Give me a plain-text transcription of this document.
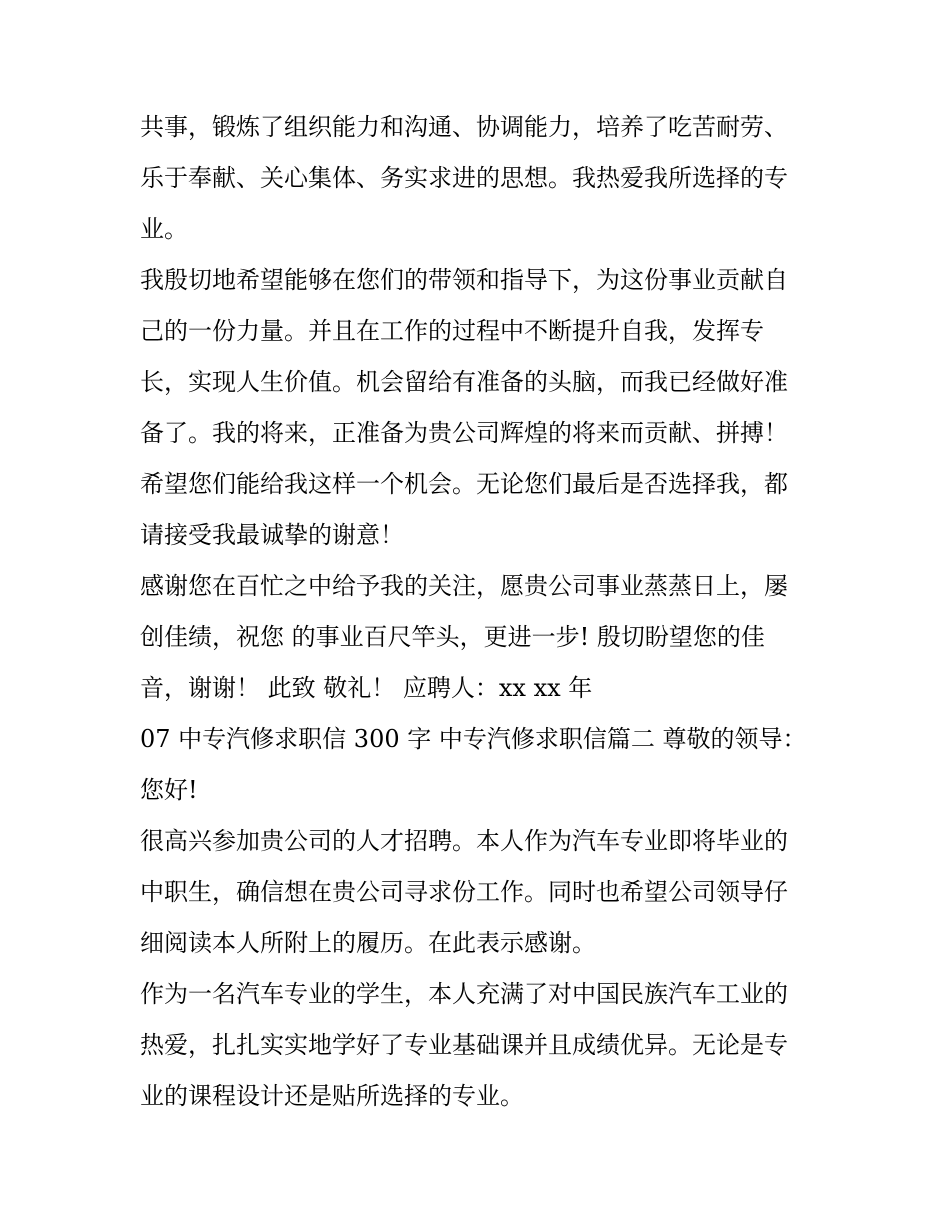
共事，锻炼了组织能力和沟通、协调能力，培养了吃苦耐劳、
乐于奉献、关心集体、务实求进的思想。我热爱我所选择的专
业。
我殷切地希望能够在您们的带领和指导下，为这份事业贡献自
己的一份力量。并且在工作的过程中不断提升自我，发挥专
长，实现人生价值。机会留给有准备的头脑，而我已经做好准
备了。我的将来，正准备为贵公司辉煌的将来而贡献、拼搏！
希望您们能给我这样一个机会。无论您们最后是否选择我，都
请接受我最诚挚的谢意！
感谢您在百忙之中给予我的关注，愿贵公司事业蒸蒸日上，屡
创佳绩，祝您 的事业百尺竿头，更进一步! 殷切盼望您的佳
音，谢谢！ 此致 敬礼！ 应聘人：xx xx 年
07 中专汽修求职信 300 字 中专汽修求职信篇二 尊敬的领导：
您好!
很高兴参加贵公司的人才招聘。本人作为汽车专业即将毕业的
中职生，确信想在贵公司寻求份工作。同时也希望公司领导仔
细阅读本人所附上的履历。在此表示感谢。
作为一名汽车专业的学生，本人充满了对中国民族汽车工业的
热爱，扎扎实实地学好了专业基础课并且成绩优异。无论是专
业的课程设计还是贴所选择的专业。
